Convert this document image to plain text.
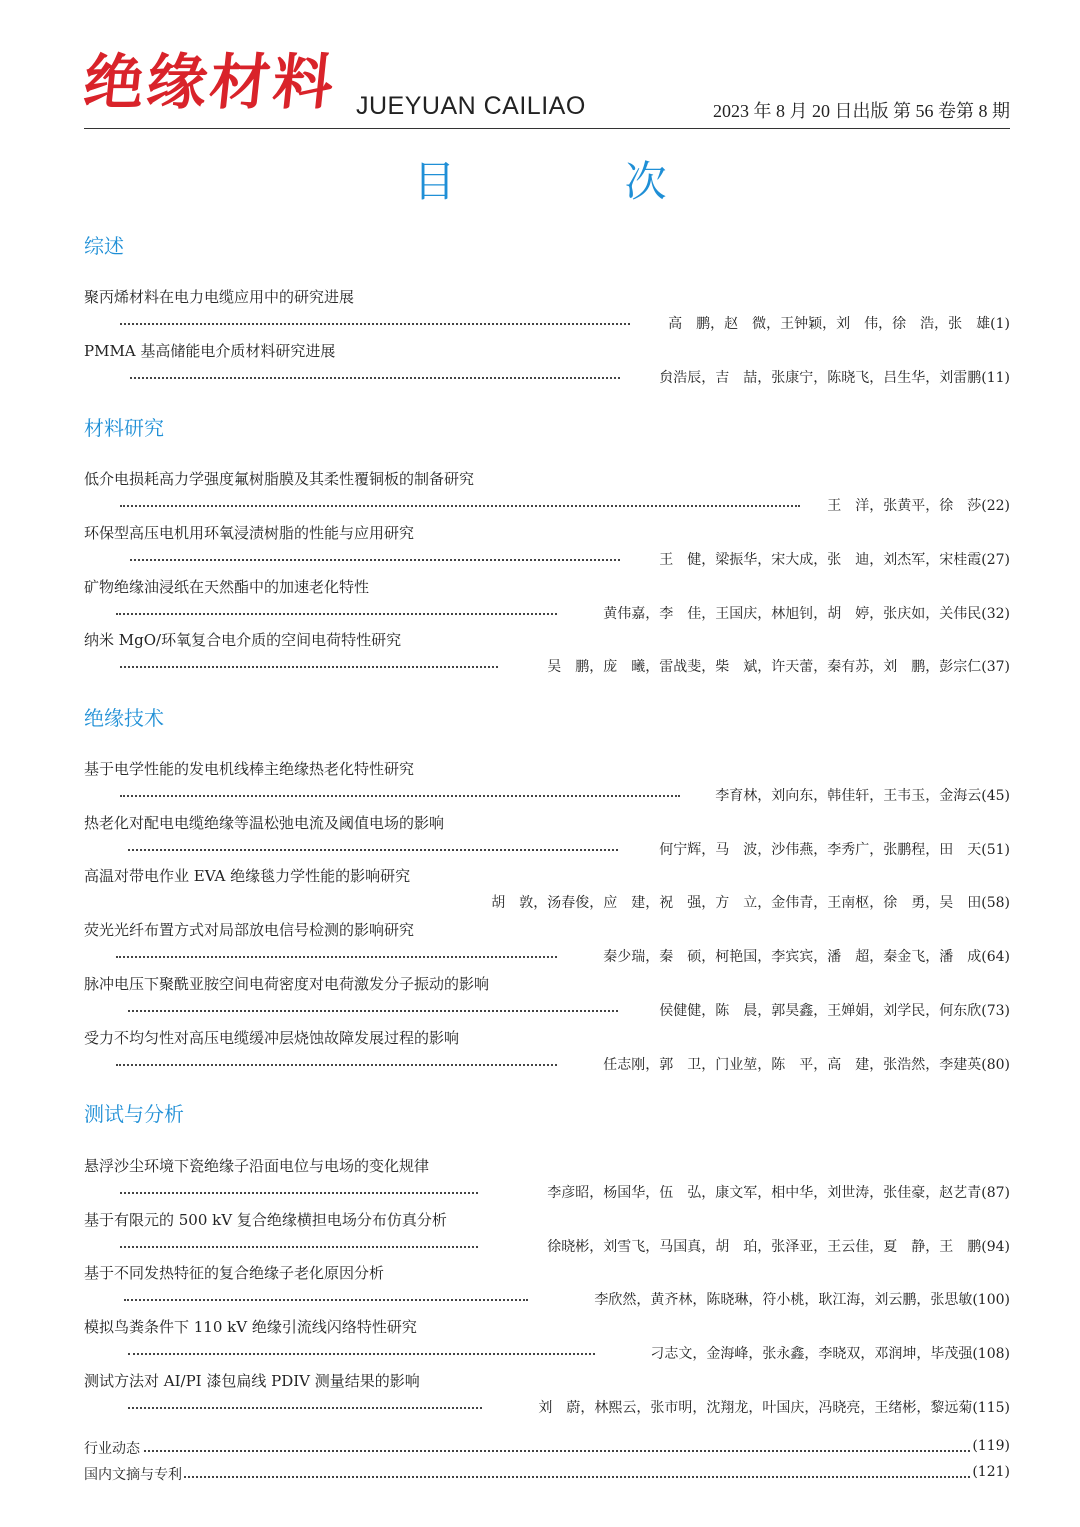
绝缘材料 JUEYUAN CAILIAO	2023 年 8 月 20 日出版 第 56 卷第 8 期
目 次
综述
聚丙烯材料在电力电缆应用中的研究进展
高　鹏，赵　微，王钟颖，刘　伟，徐　浩，张　雄(1)
PMMA 基高储能电介质材料研究进展
贠浩辰，吉　喆，张康宁，陈晓飞，吕生华，刘雷鹏(11)
材料研究
低介电损耗高力学强度氟树脂膜及其柔性覆铜板的制备研究
王　洋，张黄平，徐　莎(22)
环保型高压电机用环氧浸渍树脂的性能与应用研究
王　健，梁振华，宋大成，张　迪，刘杰军，宋桂霞(27)
矿物绝缘油浸纸在天然酯中的加速老化特性
黄伟嘉，李　佳，王国庆，林旭钊，胡　婷，张庆如，关伟民(32)
纳米 MgO/环氧复合电介质的空间电荷特性研究
吴　鹏，庞　曦，雷战斐，柴　斌，许天蕾，秦有苏，刘　鹏，彭宗仁(37)
绝缘技术
基于电学性能的发电机线棒主绝缘热老化特性研究
李育林，刘向东，韩佳轩，王韦玉，金海云(45)
热老化对配电电缆绝缘等温松弛电流及阈值电场的影响
何宁辉，马　波，沙伟燕，李秀广，张鹏程，田　天(51)
高温对带电作业 EVA 绝缘毯力学性能的影响研究
胡　敦，汤春俊，应　建，祝　强，方　立，金伟青，王南枢，徐　勇，吴　田(58)
荧光光纤布置方式对局部放电信号检测的影响研究
秦少瑞，秦　硕，柯艳国，李宾宾，潘　超，秦金飞，潘　成(64)
脉冲电压下聚酰亚胺空间电荷密度对电荷激发分子振动的影响
侯健健，陈　晨，郭昊鑫，王婵娟，刘学民，何东欣(73)
受力不均匀性对高压电缆缓冲层烧蚀故障发展过程的影响
任志刚，郭　卫，门业堃，陈　平，高　建，张浩然，李建英(80)
测试与分析
悬浮沙尘环境下瓷绝缘子沿面电位与电场的变化规律
李彦昭，杨国华，伍　弘，康文军，相中华，刘世涛，张佳豪，赵艺青(87)
基于有限元的 500 kV 复合绝缘横担电场分布仿真分析
徐晓彬，刘雪飞，马国真，胡　珀，张泽亚，王云佳，夏　静，王　鹏(94)
基于不同发热特征的复合绝缘子老化原因分析
李欣然，黄齐林，陈晓琳，符小桃，耿江海，刘云鹏，张思敏(100)
模拟鸟粪条件下 110 kV 绝缘引流线闪络特性研究
刁志文，金海峰，张永鑫，李晓双，邓润坤，毕茂强(108)
测试方法对 AI/PI 漆包扁线 PDIV 测量结果的影响
刘　蔚，林熙云，张市明，沈翔龙，叶国庆，冯晓亮，王绪彬，黎远菊(115)
行业动态	(119)
国内文摘与专利	(121)
